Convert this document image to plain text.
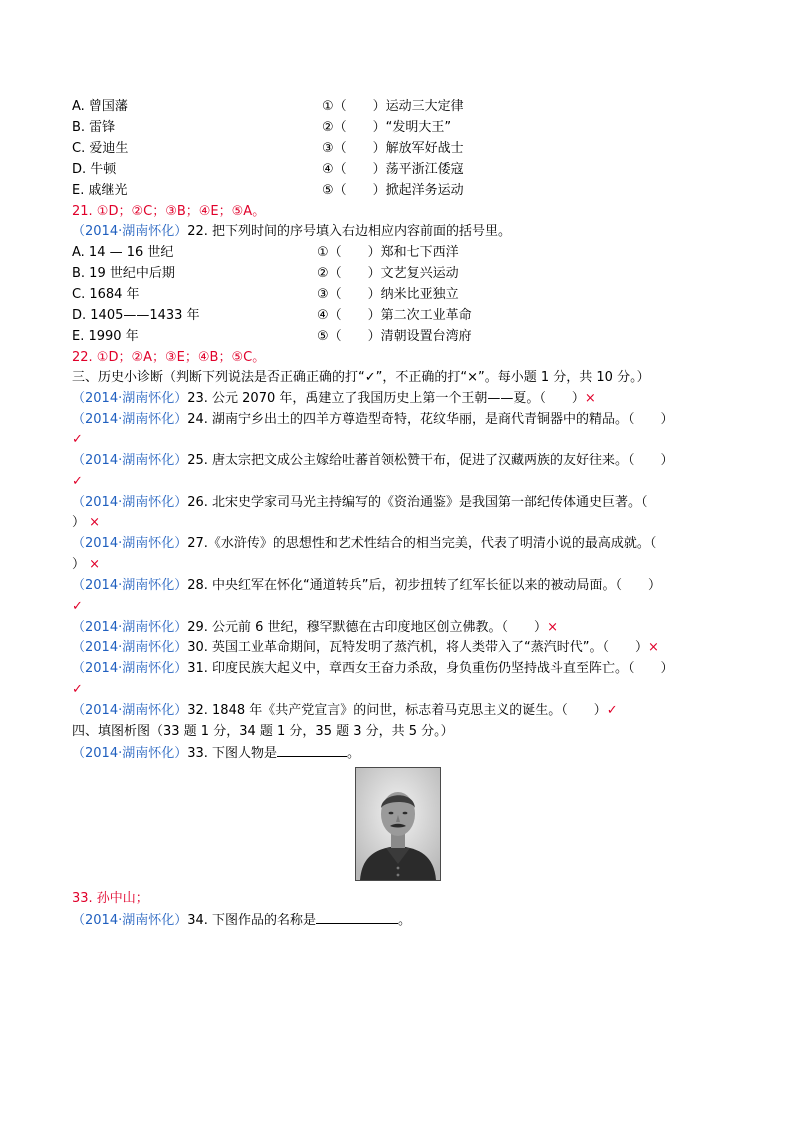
A. 曾国藩	①（　　）运动三大定律
B. 雷锋	②（　　）“发明大王”
C. 爱迪生	③（　　）解放军好战士
D. 牛顿	④（　　）荡平浙江倭寇
E. 戚继光	⑤（　　）掀起洋务运动
21. ①D；②C；③B；④E；⑤A。
（2014·湖南怀化）22. 把下列时间的序号填入右边相应内容前面的括号里。
A. 14 — 16 世纪	①（　　）郑和七下西洋
B. 19 世纪中后期	②（　　）文艺复兴运动
C. 1684 年	③（　　）纳米比亚独立
D. 1405——1433 年	④（　　）第二次工业革命
E. 1990 年	⑤（　　）清朝设置台湾府
22. ①D；②A；③E；④B；⑤C。
三、历史小诊断（判断下列说法是否正确正确的打“✓”，不正确的打“×”。每小题 1 分，共 10 分。）
（2014·湖南怀化）23. 公元 2070 年，禹建立了我国历史上第一个王朝——夏。（　　）×
（2014·湖南怀化）24. 湖南宁乡出土的四羊方尊造型奇特，花纹华丽，是商代青铜器中的精品。（　　）
✓
（2014·湖南怀化）25. 唐太宗把文成公主嫁给吐蕃首领松赞干布，促进了汉藏两族的友好往来。（　　）
✓
（2014·湖南怀化）26. 北宋史学家司马光主持编写的《资治通鉴》是我国第一部纪传体通史巨著。（
） ×
（2014·湖南怀化）27.《水浒传》的思想性和艺术性结合的相当完美，代表了明清小说的最高成就。（
） ×
（2014·湖南怀化）28. 中央红军在怀化“通道转兵”后，初步扭转了红军长征以来的被动局面。（　　）
✓
（2014·湖南怀化）29. 公元前 6 世纪，穆罕默德在古印度地区创立佛教。（　　）×
（2014·湖南怀化）30. 英国工业革命期间，瓦特发明了蒸汽机，将人类带入了“蒸汽时代”。（　　）×
（2014·湖南怀化）31. 印度民族大起义中，章西女王奋力杀敌，身负重伤仍坚持战斗直至阵亡。（　　）
✓
（2014·湖南怀化）32. 1848 年《共产党宣言》的问世，标志着马克思主义的诞生。（　　）✓
四、填图析图（33 题 1 分，34 题 1 分，35 题 3 分，共 5 分。）
（2014·湖南怀化）33. 下图人物是	。
33. 孙中山；
（2014·湖南怀化）34. 下图作品的名称是	。
